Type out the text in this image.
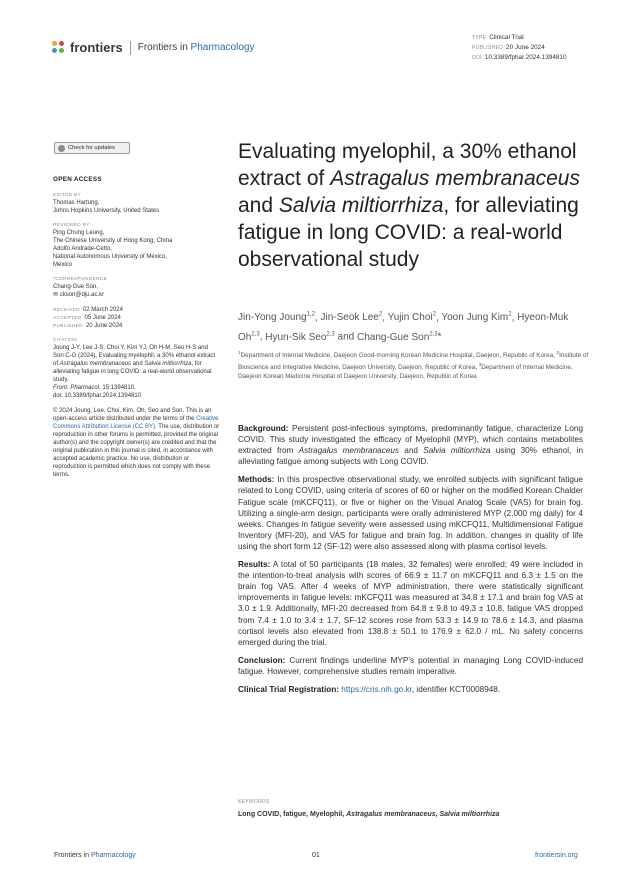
frontiers Frontiers in Pharmacology
TYPE Clinical Trial
PUBLISHED 20 June 2024
DOI 10.3389/fphar.2024.1394810
Check for updates
OPEN ACCESS
EDITED BY
Thomas Hartung,
Johns Hopkins University, United States
REVIEWED BY
Ping Chung Leung,
The Chinese University of Hong Kong, China
Adolfo Andrade-Cetto,
National Autonomous University of Mexico,
Mexico
*CORRESPONDENCE
Chang-Gue Son,
✉ ckson@dju.ac.kr
RECEIVED 02 March 2024
ACCEPTED 05 June 2024
PUBLISHED 20 June 2024
CITATION
Joung J-Y, Lee J-S, Choi Y, Kim YJ, Oh H-M, Seo H-S and Son C-G (2024), Evaluating myelophil, a 30% ethanol extract of Astragalus membranaceus and Salvia miltiorrhiza, for alleviating fatigue in long COVID: a real-world observational study.
Front. Pharmacol. 15:1394810.
doi: 10.3389/fphar.2024.1394810
© 2024 Joung, Lee, Choi, Kim, Oh, Seo and Son. This is an open-access article distributed under the terms of the Creative Commons Attribution License (CC BY). The use, distribution or reproduction in other forums is permitted, provided the original author(s) and the copyright owner(s) are credited and that the original publication in this journal is cited, in accordance with accepted academic practice. No use, distribution or reproduction is permitted which does not comply with these terms.
Evaluating myelophil, a 30% ethanol extract of Astragalus membranaceus and Salvia miltiorrhiza, for alleviating fatigue in long COVID: a real-world observational study
Jin-Yong Joung$^{1,2}$, Jin-Seok Lee$^2$, Yujin Choi$^2$, Yoon Jung Kim$^2$, Hyeon-Muk Oh$^{2,3}$, Hyun-Sik Seo$^{2,3}$ and Chang-Gue Son$^{2,3}$*
$^1$Department of Internal Medicine, Daejeon Good-morning Korean Medicine Hospital, Daejeon, Republic of Korea, $^2$Institute of Bioscience and Integrative Medicine, Daejeon University, Daejeon, Republic of Korea, $^3$Department of Internal Medicine, Daejeon Korean Medicine Hospital of Daejeon University, Daejeon, Republic of Korea

Background: Persistent post-infectious symptoms, predominantly fatigue, characterize Long COVID. This study investigated the efficacy of Myelophil (MYP), which contains metabolites extracted from Astragalus membranaceus and Salvia miltiorrhiza using 30% ethanol, in alleviating fatigue among subjects with Long COVID.

Methods: In this prospective observational study, we enrolled subjects with significant fatigue related to Long COVID, using criteria of scores of 60 or higher on the modified Korean Chalder Fatigue scale (mKCFQ11), or five or higher on the Visual Analog Scale (VAS) for brain fog. Utilizing a single-arm design, participants were orally administered MYP (2,000 mg daily) for 4 weeks. Changes in fatigue severity were assessed using mKCFQ11, Multidimensional Fatigue Inventory (MFI-20), and VAS for fatigue and brain fog. In addition, changes in quality of life using the short form 12 (SF-12) were also assessed along with plasma cortisol levels.

Results: A total of 50 participants (18 males, 32 females) were enrolled; 49 were included in the intention-to-treat analysis with scores of 66.9 ± 11.7 on mKCFQ11 and 6.3 ± 1.5 on the brain fog VAS. After 4 weeks of MYP administration, there were statistically significant improvements in fatigue levels: mKCFQ11 was measured at 34.8 ± 17.1 and brain fog VAS at 3.0 ± 1.9. Additionally, MFI-20 decreased from 64.8 ± 9.8 to 49.3 ± 10.8, fatigue VAS dropped from 7.4 ± 1.0 to 3.4 ± 1.7, SF-12 scores rose from 53.3 ± 14.9 to 78.6 ± 14.3, and plasma cortisol levels also elevated from 138.8 ± 50.1 to 176.9 ± 62.0 / mL. No safety concerns emerged during the trial.

Conclusion: Current findings underline MYP’s potential in managing Long COVID-induced fatigue. However, comprehensive studies remain imperative.

Clinical Trial Registration: https://cris.nih.go.kr, identifier KCT0008948.

KEYWORDS
Long COVID, fatigue, Myelophil, Astragalus membranaceus, Salvia miltiorrhiza
Frontiers in Pharmacology	01	frontiersin.org
